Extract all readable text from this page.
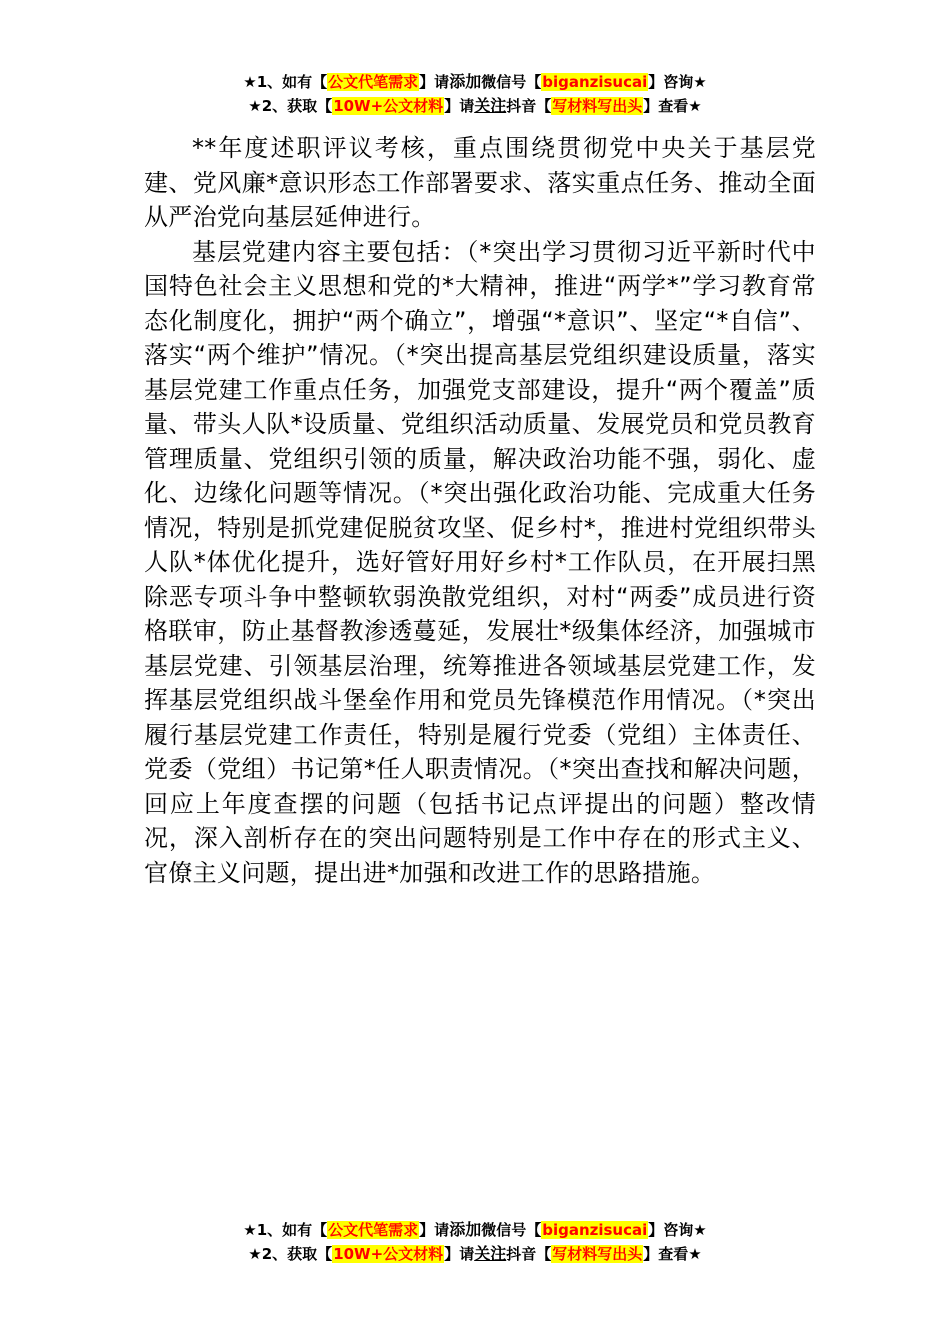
★1、如有【公文代笔需求】请添加微信号【biganzisucai】咨询★
★2、获取【10W+公文材料】请关注抖音【写材料写出头】查看★

**年度述职评议考核，重点围绕贯彻党中央关于基层党建、党风廉*意识形态工作部署要求、落实重点任务、推动全面从严治党向基层延伸进行。

基层党建内容主要包括：（*突出学习贯彻习近平新时代中国特色社会主义思想和党的*大精神，推进“两学*”学习教育常态化制度化，拥护“两个确立”，增强“*意识”、坚定“*自信”、落实“两个维护”情况。（*突出提高基层党组织建设质量，落实基层党建工作重点任务，加强党支部建设，提升“两个覆盖”质量、带头人队*设质量、党组织活动质量、发展党员和党员教育管理质量、党组织引领的质量，解决政治功能不强，弱化、虚化、边缘化问题等情况。（*突出强化政治功能、完成重大任务情况，特别是抓党建促脱贫攻坚、促乡村*，推进村党组织带头人队*体优化提升，选好管好用好乡村*工作队员，在开展扫黑除恶专项斗争中整顿软弱涣散党组织，对村“两委”成员进行资格联审，防止基督教渗透蔓延，发展壮*级集体经济，加强城市基层党建、引领基层治理，统筹推进各领域基层党建工作，发挥基层党组织战斗堡垒作用和党员先锋模范作用情况。（*突出履行基层党建工作责任，特别是履行党委（党组）主体责任、党委（党组）书记第*任人职责情况。（*突出查找和解决问题，回应上年度查摆的问题（包括书记点评提出的问题）整改情况，深入剖析存在的突出问题特别是工作中存在的形式主义、官僚主义问题，提出进*加强和改进工作的思路措施。

★1、如有【公文代笔需求】请添加微信号【biganzisucai】咨询★
★2、获取【10W+公文材料】请关注抖音【写材料写出头】查看★
